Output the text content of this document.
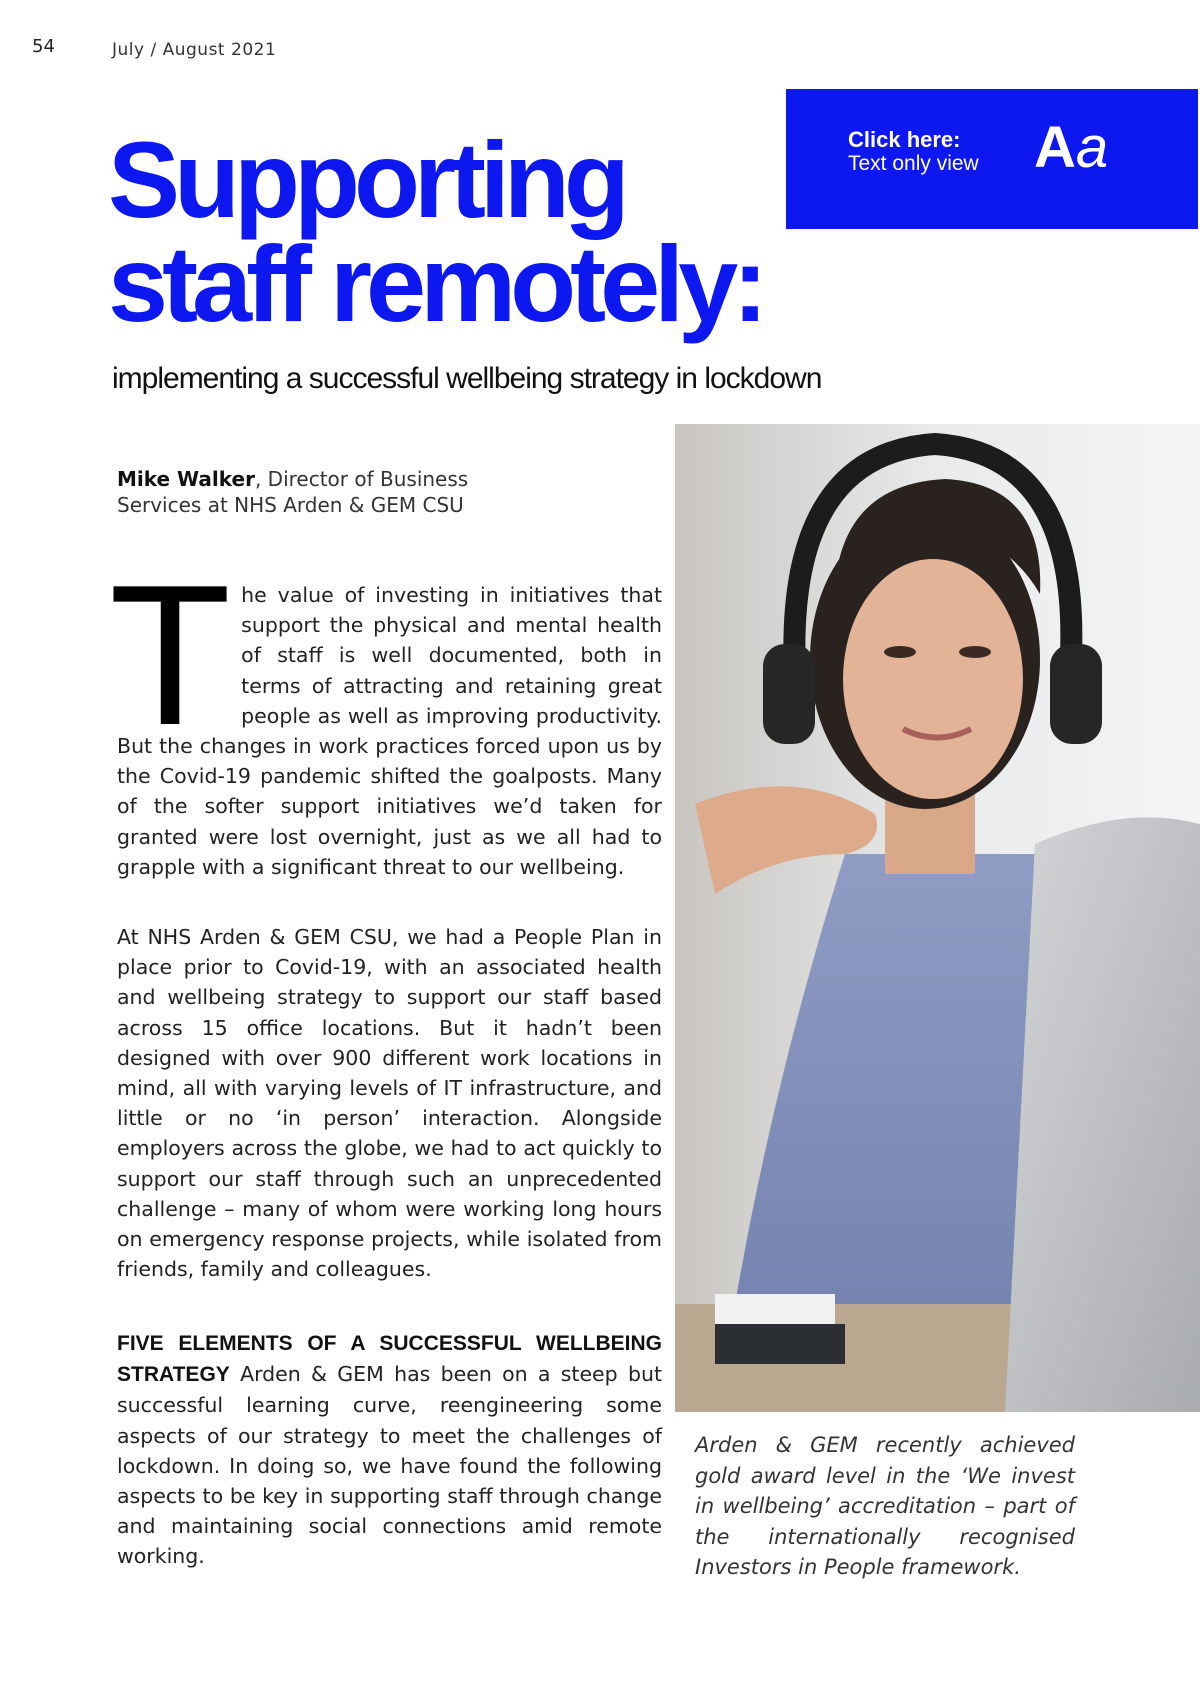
54	July / August 2021
Click here:
Text only view Aa
Supporting
staff remotely:

implementing a successful wellbeing strategy in lockdown

Mike Walker, Director of Business Services at NHS Arden & GEM CSU
The value of investing in initiatives that support the physical and mental health of staff is well documented, both in terms of attracting and retaining great people as well as improving productivity. But the changes in work practices forced upon us by the Covid-19 pandemic shifted the goalposts. Many of the softer support initiatives we’d taken for granted were lost overnight, just as we all had to grapple with a significant threat to our wellbeing.
At NHS Arden & GEM CSU, we had a People Plan in place prior to Covid-19, with an associated health and wellbeing strategy to support our staff based across 15 office locations. But it hadn’t been designed with over 900 different work locations in mind, all with varying levels of IT infrastructure, and little or no ‘in person’ interaction. Alongside employers across the globe, we had to act quickly to support our staff through such an unprecedented challenge – many of whom were working long hours on emergency response projects, while isolated from friends, family and colleagues.
FIVE ELEMENTS OF A SUCCESSFUL WELLBEING STRATEGY Arden & GEM has been on a steep but successful learning curve, reengineering some aspects of our strategy to meet the challenges of lockdown. In doing so, we have found the following aspects to be key in supporting staff through change and maintaining social connections amid remote working.
Arden & GEM recently achieved gold award level in the ‘We invest in wellbeing’ accreditation – part of the internationally recognised Investors in People framework.
